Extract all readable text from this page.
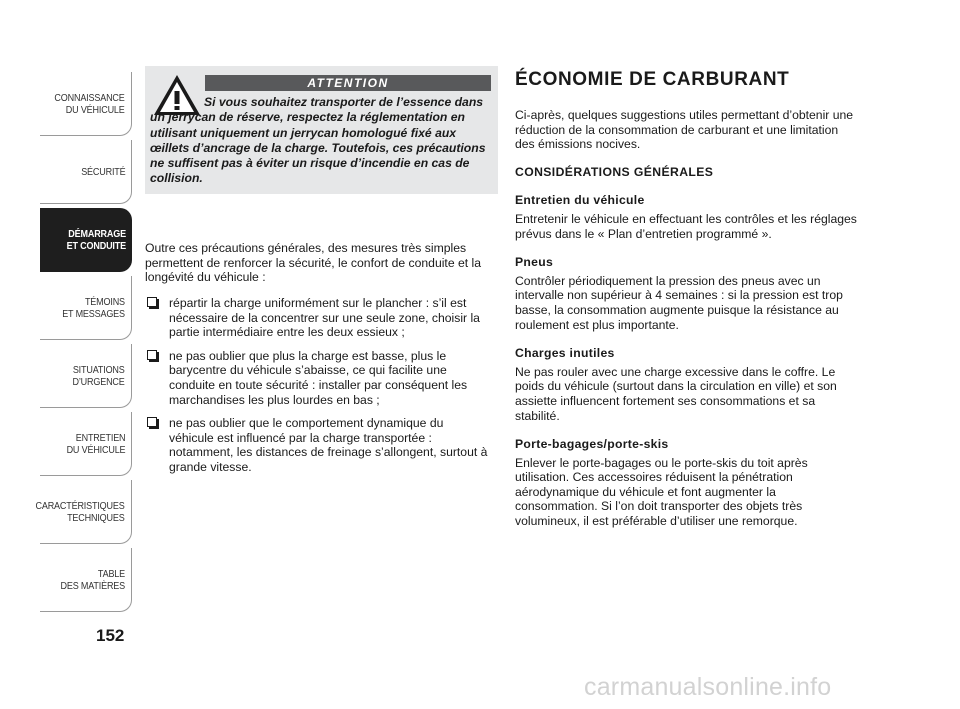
CONNAISSANCE
DU VÉHICULE
SÉCURITÉ
DÉMARRAGE
ET CONDUITE
TÉMOINS
ET MESSAGES
SITUATIONS
D’URGENCE
ENTRETIEN
DU VÉHICULE
CARACTÉRISTIQUES
TECHNIQUES
TABLE
DES MATIÈRES
152
ATTENTION
Si vous souhaitez transporter de l’essence dans un jerrycan de réserve, respectez la réglementation en utilisant uniquement un jerrycan homologué fixé aux œillets d’ancrage de la charge. Toutefois, ces précautions ne suffisent pas à éviter un risque d’incendie en cas de collision.

Outre ces précautions générales, des mesures très simples permettent de renforcer la sécurité, le confort de conduite et la longévité du véhicule :

répartir la charge uniformément sur le plancher : s’il est nécessaire de la concentrer sur une seule zone, choisir la partie intermédiaire entre les deux essieux ;
ne pas oublier que plus la charge est basse, plus le barycentre du véhicule s’abaisse, ce qui facilite une conduite en toute sécurité : installer par conséquent les marchandises les plus lourdes en bas ;
ne pas oublier que le comportement dynamique du véhicule est influencé par la charge transportée : notamment, les distances de freinage s’allongent, surtout à grande vitesse.
ÉCONOMIE DE CARBURANT

Ci-après, quelques suggestions utiles permettant d’obtenir une réduction de la consommation de carburant et une limitation des émissions nocives.

CONSIDÉRATIONS GÉNÉRALES
Entretien du véhicule

Entretenir le véhicule en effectuant les contrôles et les réglages prévus dans le « Plan d’entretien programmé ».

Pneus

Contrôler périodiquement la pression des pneus avec un intervalle non supérieur à 4 semaines : si la pression est trop basse, la consommation augmente puisque la résistance au roulement est plus importante.

Charges inutiles

Ne pas rouler avec une charge excessive dans le coffre. Le poids du véhicule (surtout dans la circulation en ville) et son assiette influencent fortement ses consommations et sa stabilité.

Porte-bagages/porte-skis

Enlever le porte-bagages ou le porte-skis du toit après utilisation. Ces accessoires réduisent la pénétration aérodynamique du véhicule et font augmenter la consommation. Si l’on doit transporter des objets très volumineux, il est préférable d’utiliser une remorque.

carmanualsonline.info
